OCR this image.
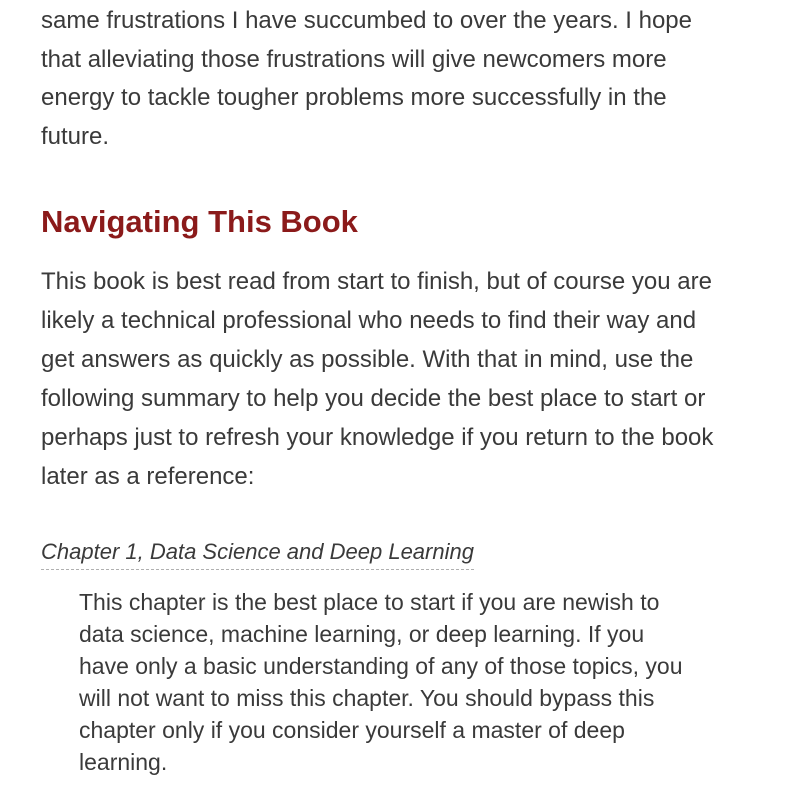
same frustrations I have succumbed to over the years. I hope

that alleviating those frustrations will give newcomers more

energy to tackle tougher problems more successfully in the

future.

Navigating This Book

This book is best read from start to finish, but of course you are

likely a technical professional who needs to find their way and

get answers as quickly as possible. With that in mind, use the

following summary to help you decide the best place to start or

perhaps just to refresh your knowledge if you return to the book

later as a reference:

Chapter 1, Data Science and Deep Learning

This chapter is the best place to start if you are newish to

data science, machine learning, or deep learning. If you

have only a basic understanding of any of those topics, you

will not want to miss this chapter. You should bypass this

chapter only if you consider yourself a master of deep

learning.
